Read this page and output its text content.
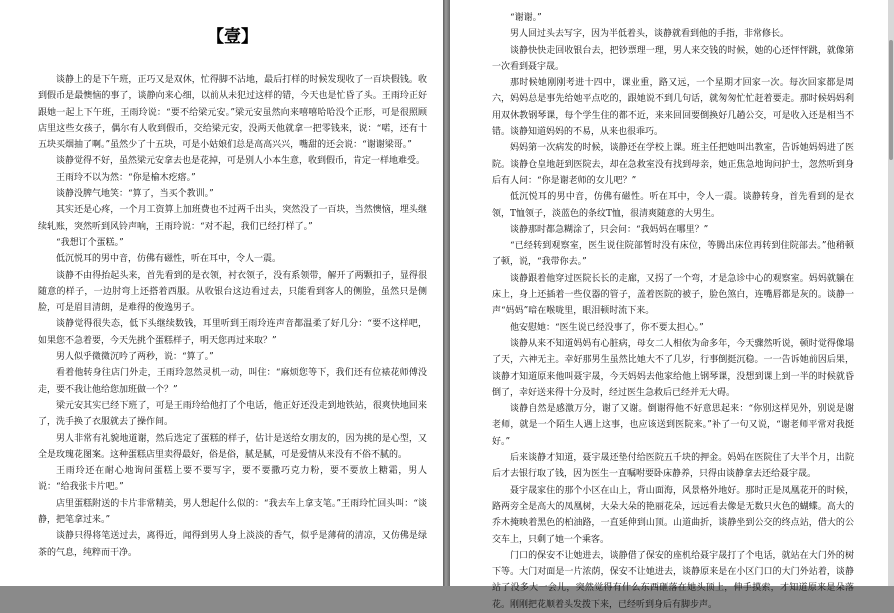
【壹】

谈静上的是下午班，正巧又是双休，忙得脚不沾地，最后打样的时候发现收了一百块假钱。收到假币是最懊恼的事了，谈静向来心细，以前从未犯过这样的错，今天也是忙昏了头。王雨玲正好跟她一起上下午班，王雨玲说：“要不给梁元安。”梁元安虽然向来嘻嘻哈哈没个正形，可是很照顾店里这些女孩子，偶尔有人收到假币，交给梁元安，没两天他就拿一把零钱来，说：“喏，还有十五块买烟抽了啊。”虽然少了十五块，可是小姑娘们总是高高兴兴，嘴甜的还会说：“谢谢梁哥。”

谈静觉得不好，虽然梁元安拿去也是花掉，可是别人小本生意，收到假币，肯定一样地难受。

王雨玲不以为然：“你是榆木疙瘩。”

谈静没脾气地笑：“算了，当买个教训。”

其实还是心疼，一个月工资算上加班费也不过两千出头，突然没了一百块，当然懊恼，埋头继续轧账，突然听到风铃声响，王雨玲说：“对不起，我们已经打样了。”

“我想订个蛋糕。”

低沉悦耳的男中音，仿佛有磁性，听在耳中，令人一震。

谈静不由得抬起头来，首先看到的是衣领，衬衣领子，没有系领带，解开了两颗扣子，显得很随意的样子，一边肘弯上还搭着西服。从收银台这边看过去，只能看到客人的侧脸，虽然只是侧脸，可是眉目清朗，是难得的俊逸男子。

谈静觉得很失态，低下头继续数钱，耳里听到王雨玲连声音都温柔了好几分：“要不这样吧，如果您不急着要，今天先挑个蛋糕样子，明天您再过来取？”

男人似乎微微沉吟了两秒，说：“算了。”

看着他转身往店门外走，王雨玲忽然灵机一动，叫住：“麻烦您等下，我们还有位裱花师傅没走，要不我让他给您加班做一个？”

梁元安其实已经下班了，可是王雨玲给他打了个电话，他正好还没走到地铁站，很爽快地回来了，洗手换了衣服就去了操作间。

男人非常有礼貌地道谢，然后选定了蛋糕的样子，估计是送给女朋友的，因为挑的是心型，又全是玫瑰花图案。这种蛋糕店里卖得最好，俗是俗，腻是腻，可是爱情从来没有不俗不腻的。

王雨玲还在耐心地询问蛋糕上要不要写字，要不要撒巧克力粉，要不要放上糖霜，男人说：“给我张卡片吧。”

店里蛋糕附送的卡片非常精美，男人想起什么似的：“我去车上拿支笔。”王雨玲忙回头叫：“谈静，把笔拿过来。”

谈静只得将笔送过去，离得近，闻得到男人身上淡淡的香气，似乎是薄荷的清凉，又仿佛是绿茶的气息，纯粹而干净。

“谢谢。”

男人回过头去写字，因为半低着头，谈静就看到他的手指，非常修长。

谈静快快走回收银台去，把钞票理一理，男人来交钱的时候，她的心还怦怦跳，就像第一次看到聂宇晟。

那时候她刚刚考进十四中，课业重，路又远，一个星期才回家一次。每次回家都是周六，妈妈总是事先给她平点吃的，跟她说不到几句话，就匆匆忙忙赶着要走。那时候妈妈利用双休教钢琴课，每个学生住的都不近，来来回回要倒换好几趟公交，可是收入还是相当不错。谈静知道妈妈的不易，从来也很乖巧。

妈妈第一次病发的时候，谈静还在学校上课。班主任把她叫出教室，告诉她妈妈进了医院。谈静仓皇地赶到医院去，却在急救室没有找到母亲，她正焦急地询问护士，忽然听到身后有人问：“你是谢老师的女儿吧？”

低沉悦耳的男中音，仿佛有磁性。听在耳中，令人一震。谈静转身，首先看到的是衣领，T恤领子，淡蓝色的条纹T恤，很清爽随意的大男生。

谈静那时都急糊涂了，只会问：“我妈妈在哪里？”

“已经转到观察室，医生说住院部暂时没有床位，等腾出床位再转到住院部去。”他稍顿了顿，说，“我带你去。”

谈静跟着他穿过医院长长的走廊，又拐了一个弯，才是急诊中心的观察室。妈妈就躺在床上，身上还插着一些仪器的管子，盖着医院的被子，脸色煞白，连嘴唇都是灰的。谈静一声“妈妈”喑在喉咙里，眼泪顿时流下来。

他安慰她：“医生说已经没事了，你不要太担心。”

谈静从来不知道妈妈有心脏病，母女二人相依为命多年，今天骤然听说，顿时觉得像塌了天，六神无主。幸好那男生虽然比她大不了几岁，行事倒挺沉稳。一一告诉她前因后果，谈静才知道原来他叫聂宇晟，今天妈妈去他家给他上钢琴课，没想到课上到一半的时候就昏倒了，幸好送来得十分及时，经过医生急救后已经并无大碍。

谈静自然是感激万分，谢了又谢。倒谢得他不好意思起来：“你别这样见外，别说是谢老师，就是一个陌生人遇上这事，也应该送到医院来。”补了一句又说，“谢老师平常对我挺好。”

后来谈静才知道，聂宇晟还垫付给医院五千块的押金。妈妈在医院住了大半个月，出院后才去银行取了钱，因为医生一直嘱咐要卧床静养，只得由谈静拿去还给聂宇晟。

聂宇晟家住的那个小区在山上，背山面海，风景格外地好。那时正是凤凰花开的时候，路两旁全是高大的凤凰树，大朵大朵的艳丽花朵，远远看去像是无数只火色的蝴蝶。高大的乔木掩映着黑色的柏油路，一直延伸到山顶。山道曲折，谈静坐到公交的终点站，借大的公交车上，只剩了她一个乘客。

门口的保安不让她进去，谈静借了保安的座机给聂宇晟打了个电话，就站在大门外的树下等。大门对面是一片浓荫，保安不让她进去，谈静原来是在小区门口的大门外站着，谈静站了没多大一会儿，突然觉得有什么东西砸落在她头顶上，伸手摸索，才知道原来是朵落花。刚刚把花顺着头发拨下来，已经听到身后有脚步声。
